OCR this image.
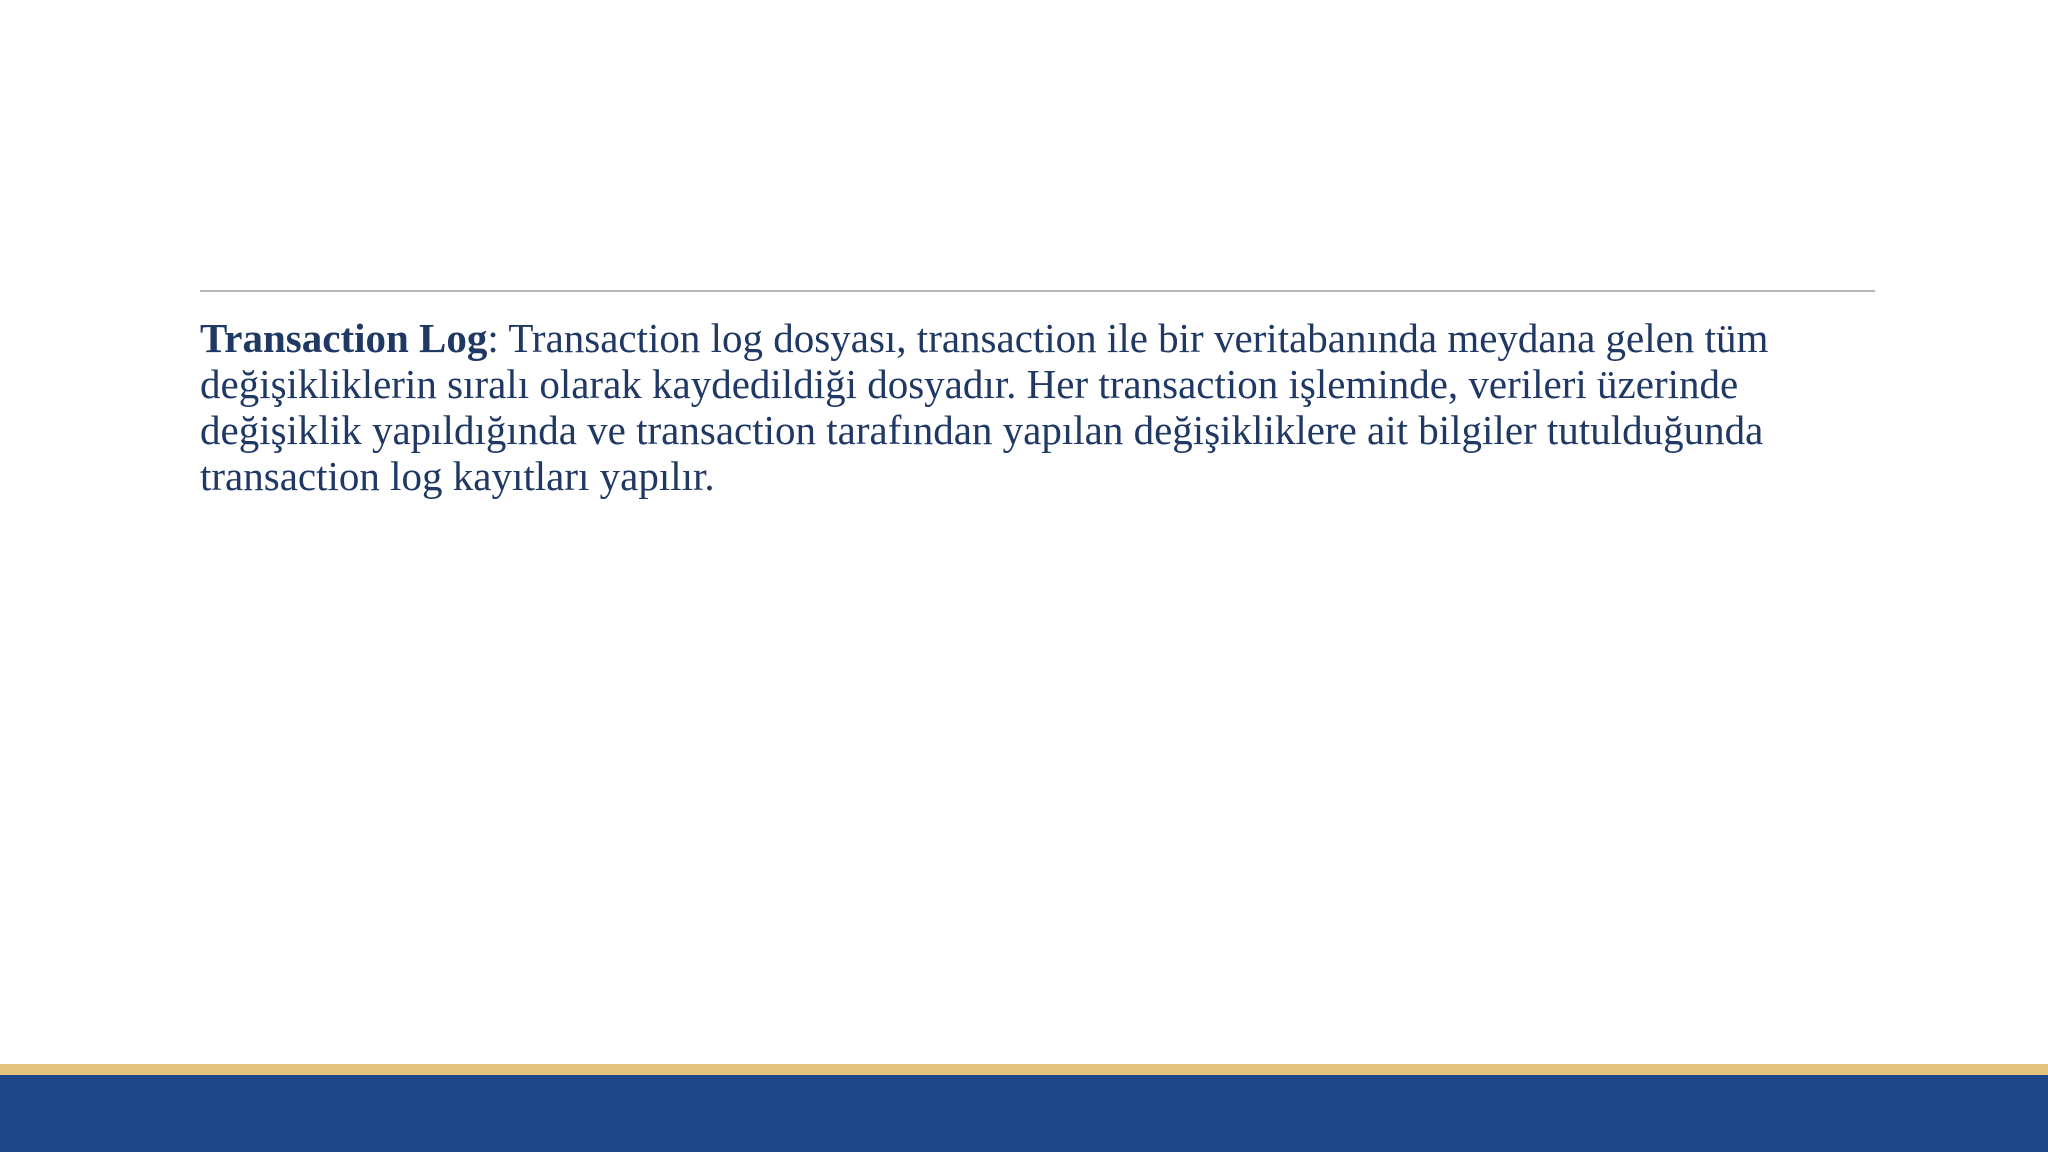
Transaction Log: Transaction log dosyası, transaction ile bir veritabanında meydana gelen tüm
değişikliklerin sıralı olarak kaydedildiği dosyadır. Her transaction işleminde, verileri üzerinde
değişiklik yapıldığında ve transaction tarafından yapılan değişikliklere ait bilgiler tutulduğunda
transaction log kayıtları yapılır.
